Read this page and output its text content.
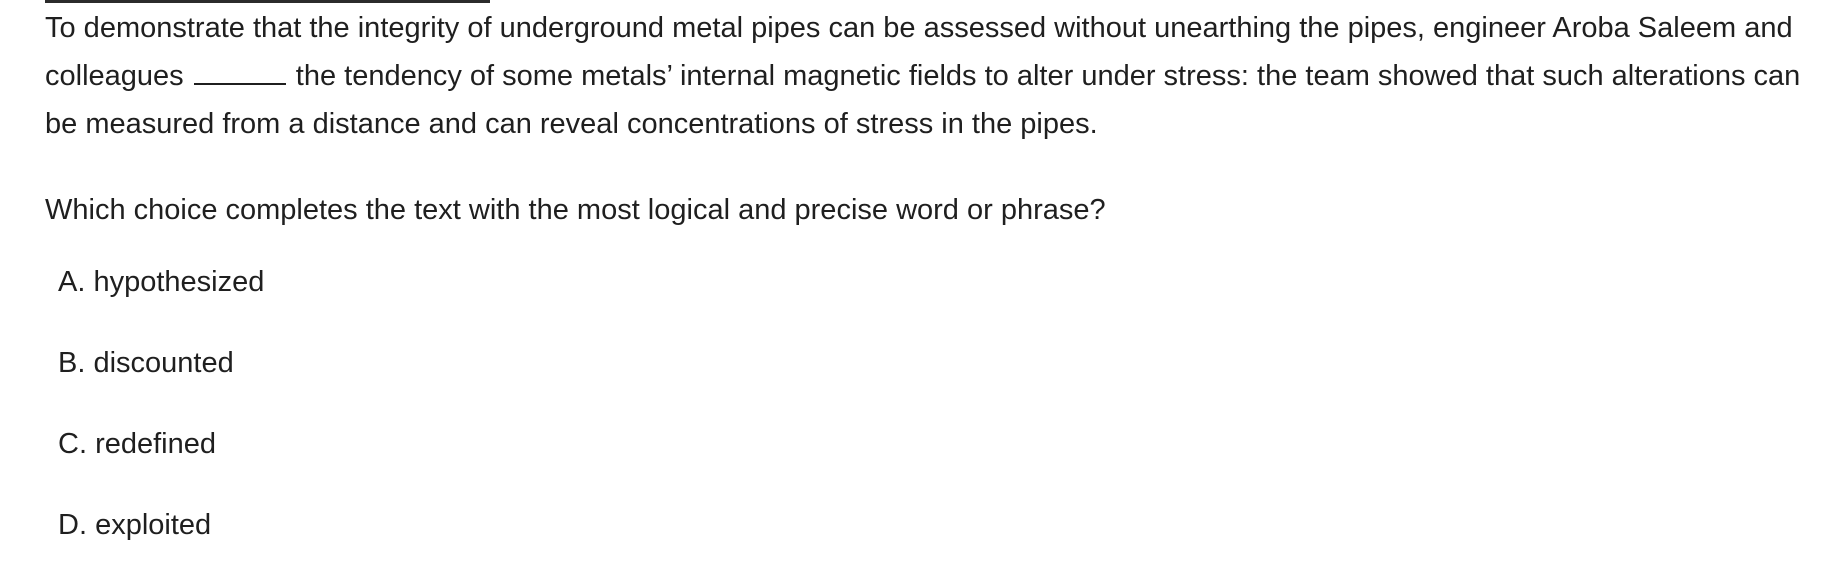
To demonstrate that the integrity of underground metal pipes can be assessed without unearthing the pipes, engineer Aroba Saleem and colleagues	the tendency of some metals’ internal magnetic fields to alter under stress: the team showed that such alterations can be measured from a distance and can reveal concentrations of stress in the pipes.

Which choice completes the text with the most logical and precise word or phrase?

A. hypothesized
B. discounted
C. redefined
D. exploited
